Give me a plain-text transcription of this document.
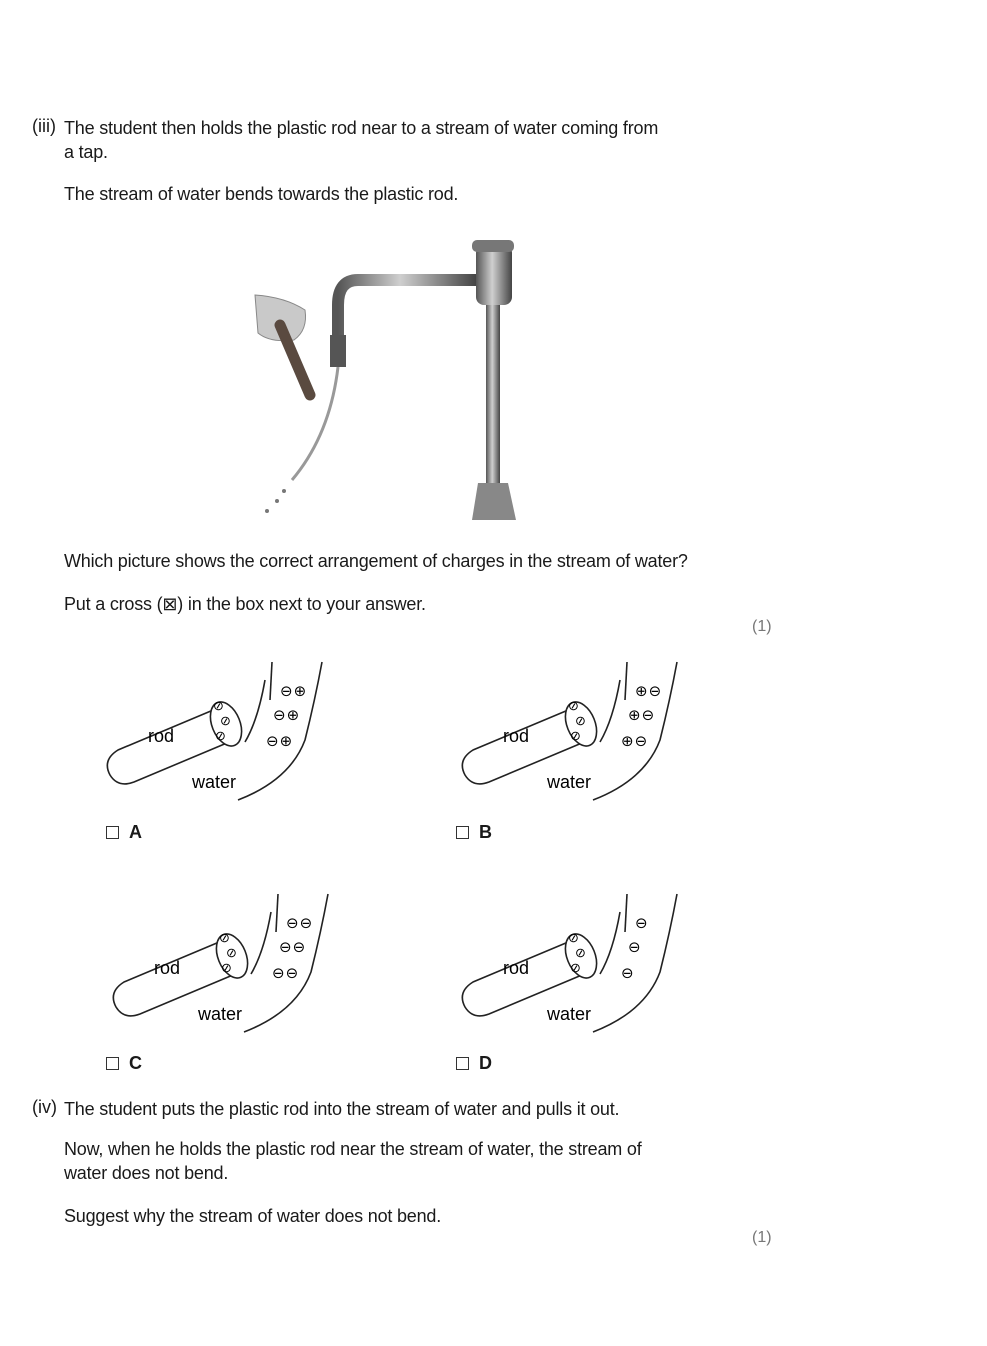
(iii) The student then holds the plastic rod near to a stream of water coming from
a tap.
The stream of water bends towards the plastic rod.
Which picture shows the correct arrangement of charges in the stream of water?
Put a cross (⊠) in the box next to your answer.
(1)
⊖
⊖
⊖
⊖⊕
⊖⊕
⊖⊕
rod
water
⊖
⊖
⊖
⊕⊖
⊕⊖
⊕⊖
rod
water
⊖
⊖
⊖
⊖⊖
⊖⊖
⊖⊖
rod
water
⊖
⊖
⊖
⊖
⊖
⊖
rod
water
A	B
C	D
(iv) The student puts the plastic rod into the stream of water and pulls it out.
Now, when he holds the plastic rod near the stream of water, the stream of
water does not bend.
Suggest why the stream of water does not bend.
(1)
